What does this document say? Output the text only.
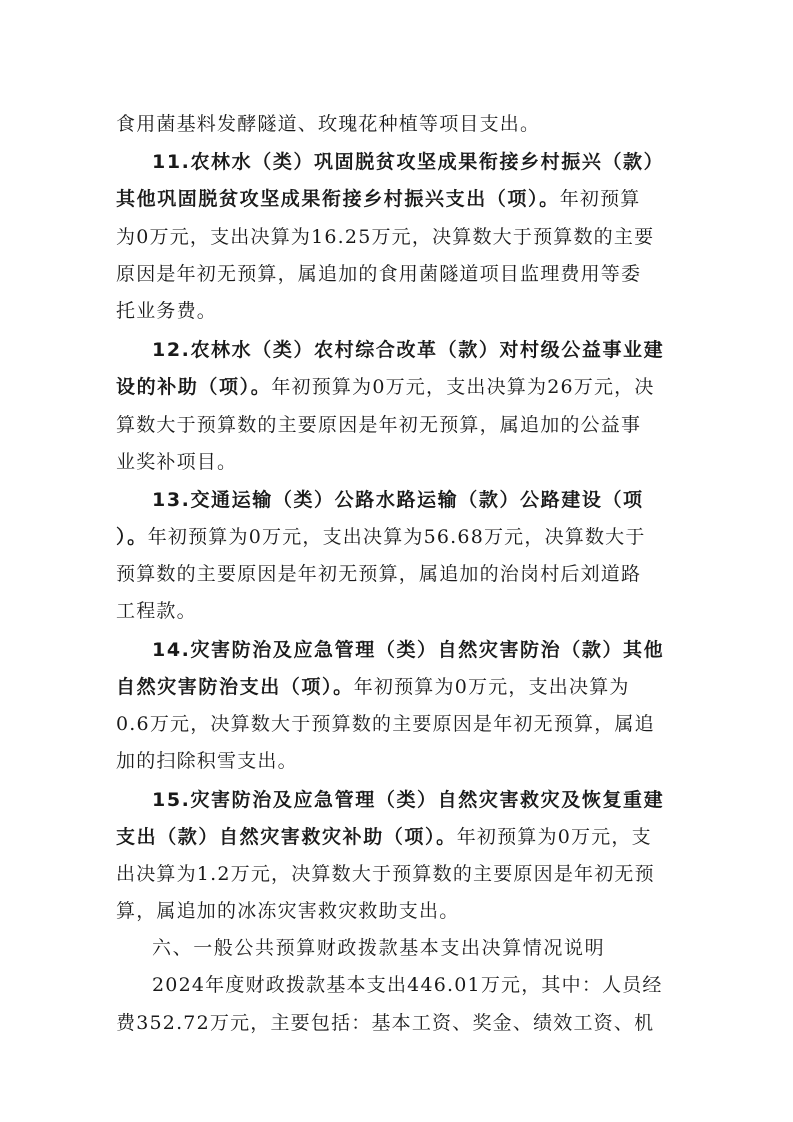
食用菌基料发酵隧道、玫瑰花种植等项目支出。
11.农林水（类）巩固脱贫攻坚成果衔接乡村振兴（款）
其他巩固脱贫攻坚成果衔接乡村振兴支出（项）。年初预算
为0万元，支出决算为16.25万元，决算数大于预算数的主要
原因是年初无预算，属追加的食用菌隧道项目监理费用等委
托业务费。
12.农林水（类）农村综合改革（款）对村级公益事业建
设的补助（项）。年初预算为0万元，支出决算为26万元，决
算数大于预算数的主要原因是年初无预算，属追加的公益事
业奖补项目。
13.交通运输（类）公路水路运输（款）公路建设（项
）。年初预算为0万元，支出决算为56.68万元，决算数大于
预算数的主要原因是年初无预算，属追加的治岗村后刘道路
工程款。
14.灾害防治及应急管理（类）自然灾害防治（款）其他
自然灾害防治支出（项）。年初预算为0万元，支出决算为
0.6万元，决算数大于预算数的主要原因是年初无预算，属追
加的扫除积雪支出。
15.灾害防治及应急管理（类）自然灾害救灾及恢复重建
支出（款）自然灾害救灾补助（项）。年初预算为0万元，支
出决算为1.2万元，决算数大于预算数的主要原因是年初无预
算，属追加的冰冻灾害救灾救助支出。
六、一般公共预算财政拨款基本支出决算情况说明
2024年度财政拨款基本支出446.01万元，其中：人员经
费352.72万元，主要包括：基本工资、奖金、绩效工资、机
